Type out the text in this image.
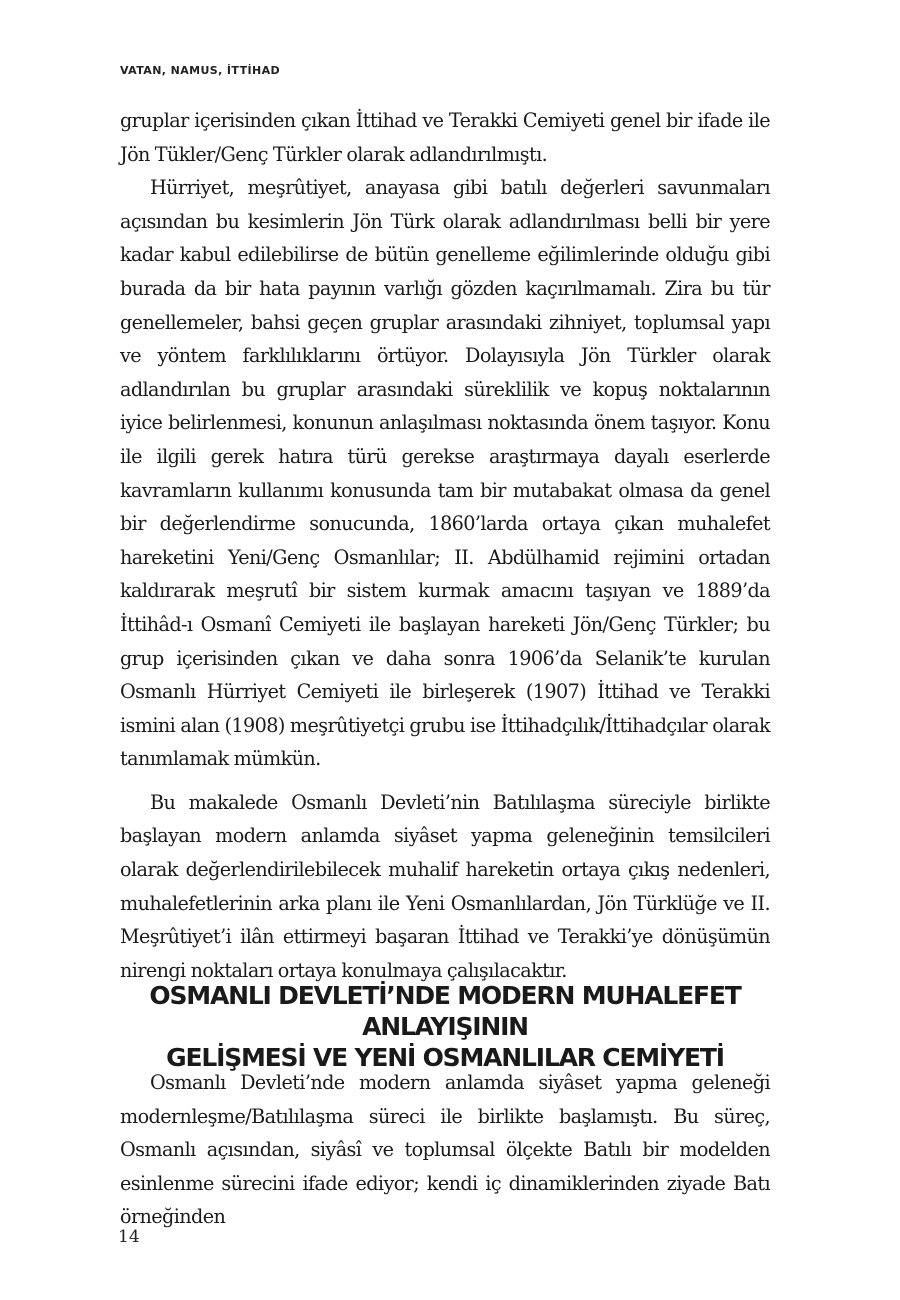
VATAN, NAMUS, İTTİHAD

gruplar içerisinden çıkan İttihad ve Terakki Cemiyeti genel bir ifade ile Jön Tükler/Genç Türkler olarak adlandırılmıştı.

Hürriyet, meşrûtiyet, anayasa gibi batılı değerleri savunmaları açısından bu kesimlerin Jön Türk olarak adlandırılması belli bir yere kadar kabul edilebilirse de bütün genelleme eğilimlerinde olduğu gibi burada da bir hata payının varlığı gözden kaçırılmamalı. Zira bu tür genellemeler, bahsi geçen gruplar arasındaki zihniyet, toplumsal yapı ve yöntem farklılıklarını örtüyor. Dolayısıyla Jön Türkler olarak adlandırılan bu gruplar arasındaki süreklilik ve kopuş noktalarının iyice belirlenmesi, konunun anlaşılması noktasında önem taşıyor. Konu ile ilgili gerek hatıra türü gerekse araştırmaya dayalı eserlerde kavramların kullanımı konusunda tam bir mutabakat olmasa da genel bir değerlendirme sonucunda, 1860’larda ortaya çıkan muhalefet hareketini Yeni/Genç Osmanlılar; II. Abdülhamid rejimini ortadan kaldırarak meşrutî bir sistem kurmak amacını taşıyan ve 1889’da İttihâd-ı Osmanî Cemiyeti ile başlayan hareketi Jön/Genç Türkler; bu grup içerisinden çıkan ve daha sonra 1906’da Selanik’te kurulan Osmanlı Hürriyet Cemiyeti ile birleşerek (1907) İttihad ve Terakki ismini alan (1908) meşrûtiyetçi grubu ise İttihadçılık/İttihadçılar olarak tanımlamak mümkün.

Bu makalede Osmanlı Devleti’nin Batılılaşma süreciyle birlikte başlayan modern anlamda siyâset yapma geleneğinin temsilcileri olarak değerlendirilebilecek muhalif hareketin ortaya çıkış nedenleri, muhalefetlerinin arka planı ile Yeni Osmanlılardan, Jön Türklüğe ve II. Meşrûtiyet’i ilân ettirmeyi başaran İttihad ve Terakki’ye dönüşümün nirengi noktaları ortaya konulmaya çalışılacaktır.

OSMANLI DEVLETİ’NDE MODERN MUHALEFET ANLAYIŞININ
GELİŞMESİ VE YENİ OSMANLILAR CEMİYETİ

Osmanlı Devleti’nde modern anlamda siyâset yapma geleneği modernleşme/Batılılaşma süreci ile birlikte başlamıştı. Bu süreç, Osmanlı açısından, siyâsî ve toplumsal ölçekte Batılı bir modelden esinlenme sürecini ifade ediyor; kendi iç dinamiklerinden ziyade Batı örneğinden

14
